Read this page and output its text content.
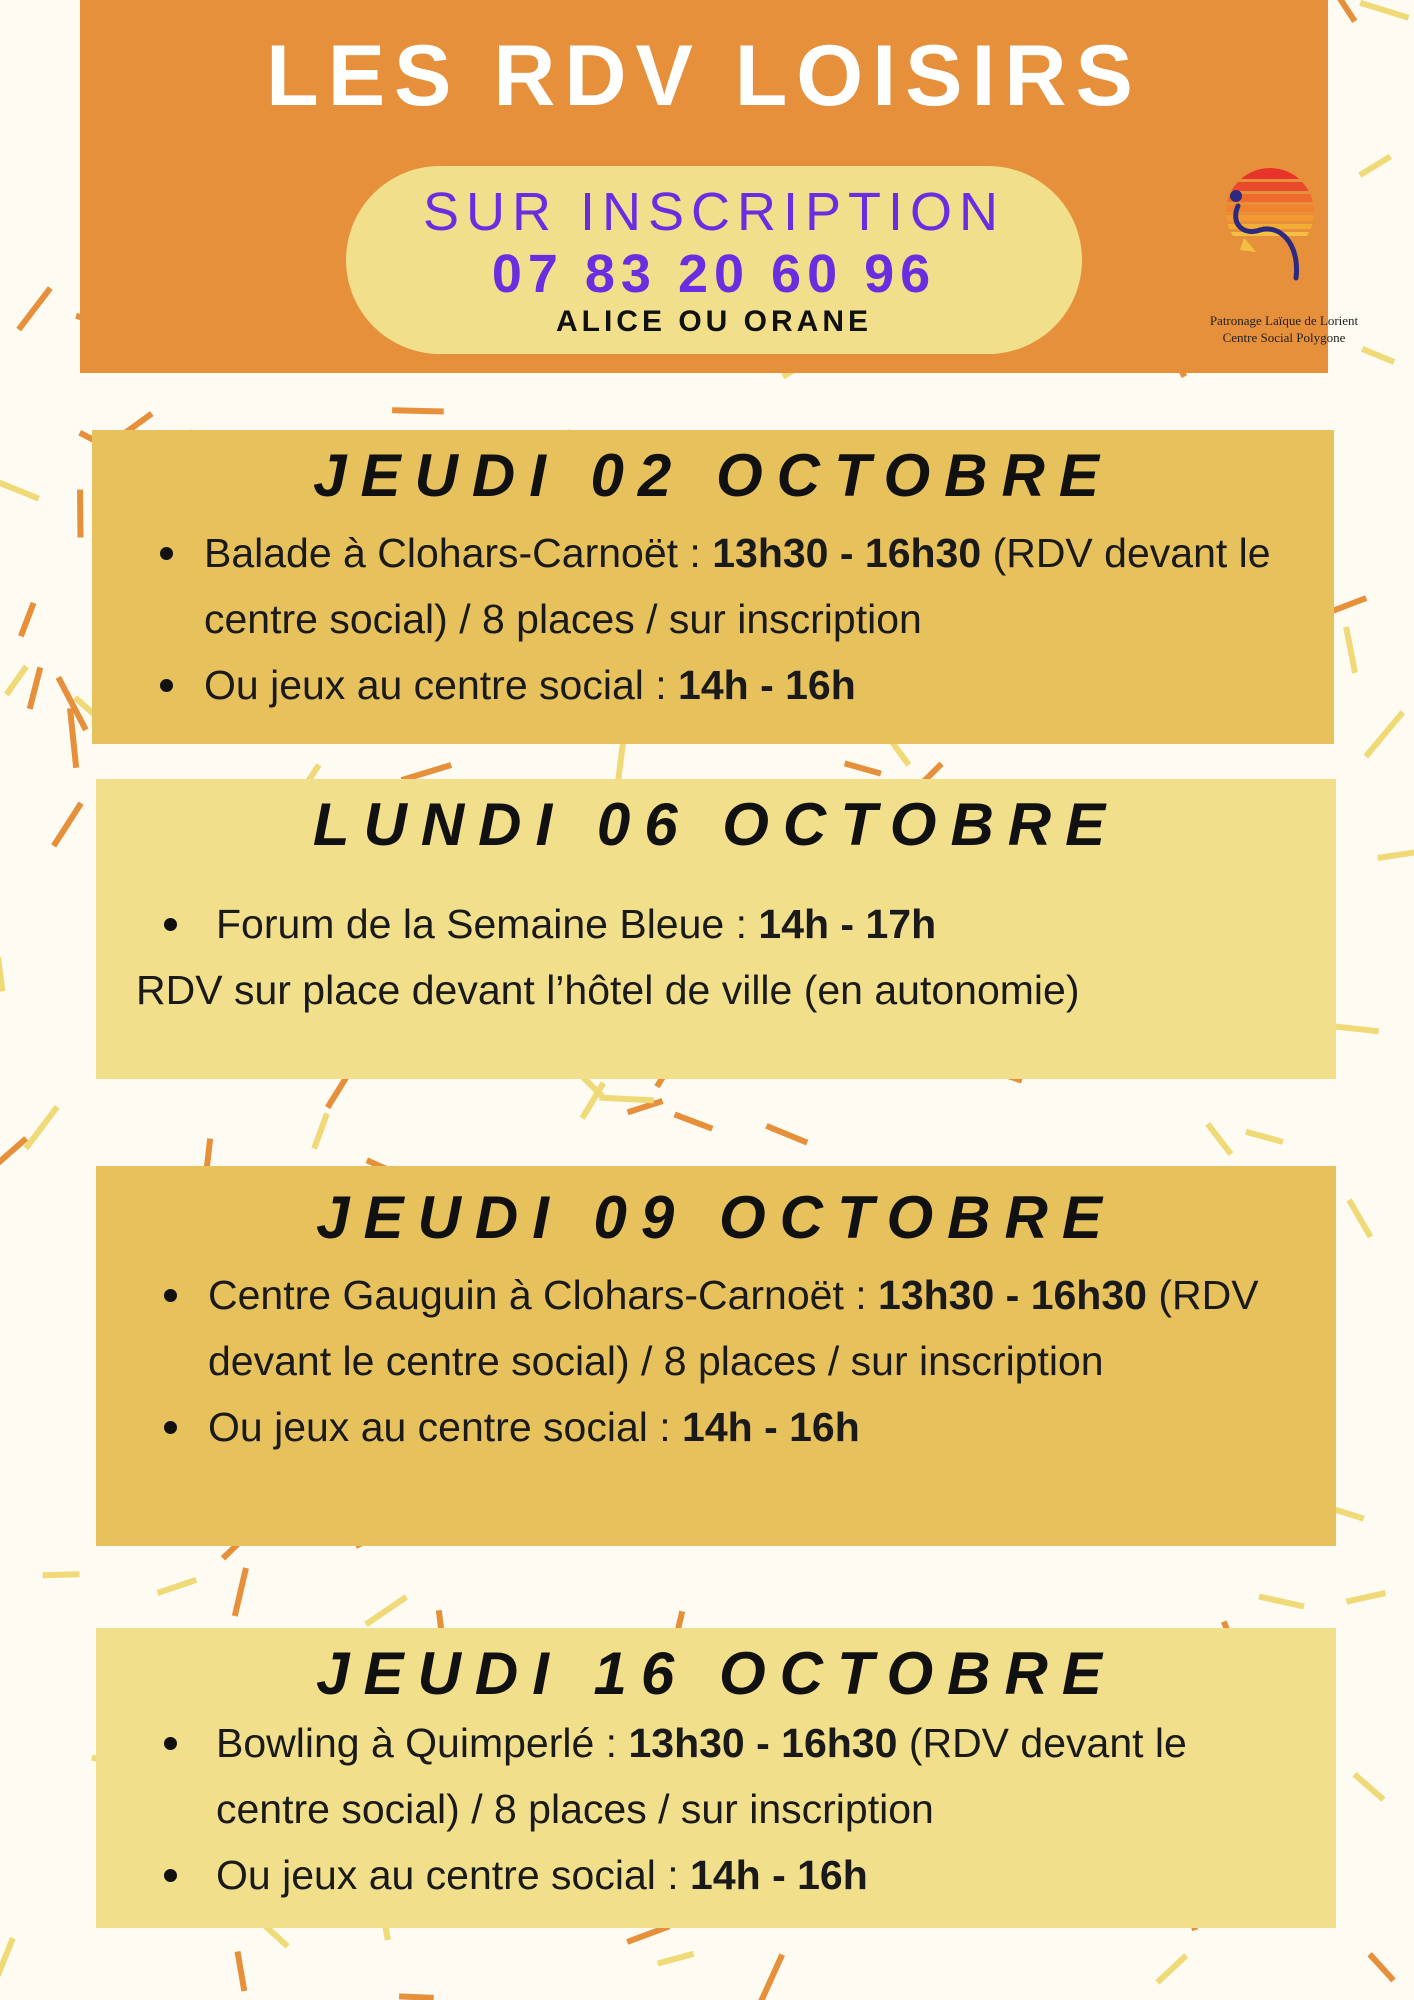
LES RDV LOISIRS
SUR INSCRIPTION
07 83 20 60 96
ALICE OU ORANE	Patronage Laïque de Lorient
Centre Social Polygone
JEUDI 02 OCTOBRE
Balade à Clohars-Carnoët : 13h30 - 16h30 (RDV devant le centre social) / 8 places / sur inscription
Ou jeux au centre social : 14h - 16h
LUNDI 06 OCTOBRE
Forum de la Semaine Bleue : 14h - 17h
RDV sur place devant l’hôtel de ville (en autonomie)
JEUDI 09 OCTOBRE
Centre Gauguin à Clohars-Carnoët : 13h30 - 16h30 (RDV devant le centre social) / 8 places / sur inscription
Ou jeux au centre social : 14h - 16h
JEUDI 16 OCTOBRE
Bowling à Quimperlé : 13h30 - 16h30 (RDV devant le centre social) / 8 places / sur inscription
Ou jeux au centre social : 14h - 16h
